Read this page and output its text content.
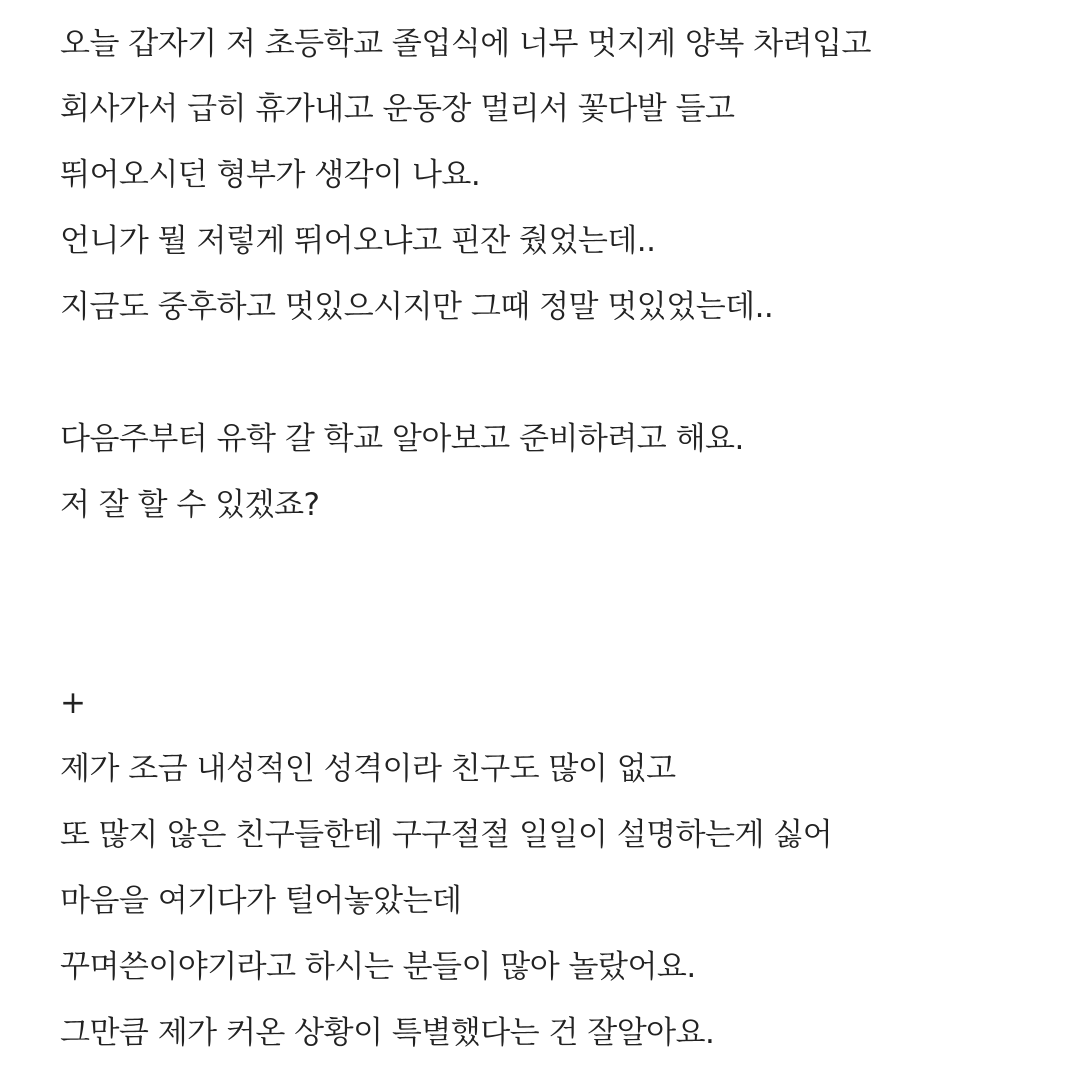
오늘 갑자기 저 초등학교 졸업식에 너무 멋지게 양복 차려입고
회사가서 급히 휴가내고 운동장 멀리서 꽃다발 들고
뛰어오시던 형부가 생각이 나요.
언니가 뭘 저렇게 뛰어오냐고 핀잔 줬었는데..
지금도 중후하고 멋있으시지만 그때 정말 멋있었는데..
다음주부터 유학 갈 학교 알아보고 준비하려고 해요.
저 잘 할 수 있겠죠?
+
제가 조금 내성적인 성격이라 친구도 많이 없고
또 많지 않은 친구들한테 구구절절 일일이 설명하는게 싫어
마음을 여기다가 털어놓았는데
꾸며쓴이야기라고 하시는 분들이 많아 놀랐어요.
그만큼 제가 커온 상황이 특별했다는 건 잘알아요.
